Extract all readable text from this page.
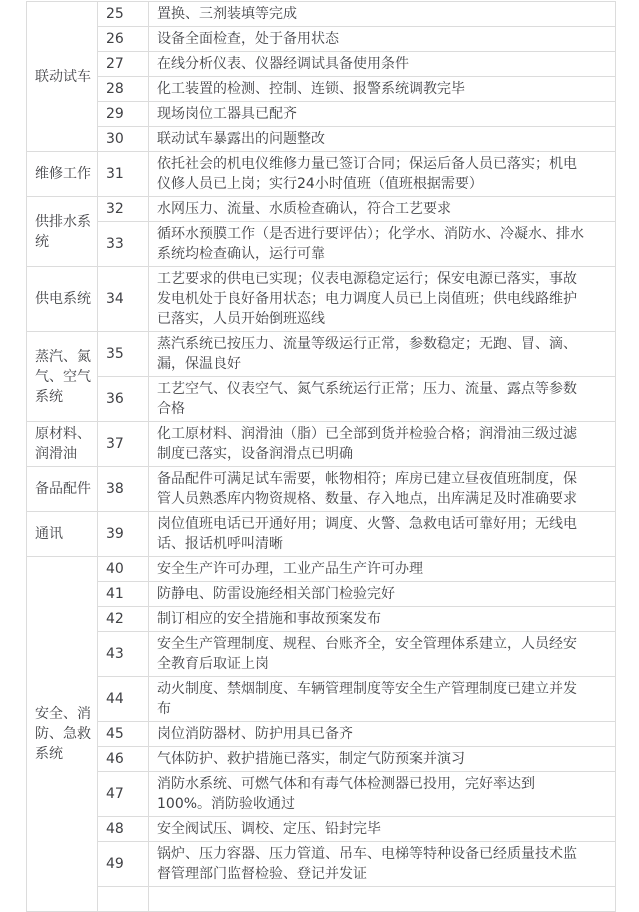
联动试车	25	置换、三剂装填等完成
	26	设备全面检查，处于备用状态
	27	在线分析仪表、仪器经调试具备使用条件
	28	化工装置的检测、控制、连锁、报警系统调教完毕
	29	现场岗位工器具已配齐
	30	联动试车暴露出的问题整改
维修工作	31	依托社会的机电仪维修力量已签订合同；保运后备人员已落实；机电仪修人员已上岗；实行24小时值班（值班根据需要）
供排水系统	32	水网压力、流量、水质检查确认，符合工艺要求
	33	循环水预膜工作（是否进行要评估）；化学水、消防水、冷凝水、排水系统均检查确认，运行可靠
供电系统	34	工艺要求的供电已实现；仪表电源稳定运行；保安电源已落实，事故发电机处于良好备用状态；电力调度人员已上岗值班；供电线路维护已落实，人员开始倒班巡线
蒸汽、氮气、空气系统	35	蒸汽系统已按压力、流量等级运行正常，参数稳定；无跑、冒、滴、漏，保温良好
	36	工艺空气、仪表空气、氮气系统运行正常；压力、流量、露点等参数合格
原材料、润滑油	37	化工原材料、润滑油（脂）已全部到货并检验合格；润滑油三级过滤制度已落实，设备润滑点已明确
备品配件	38	备品配件可满足试车需要，帐物相符；库房已建立昼夜值班制度，保管人员熟悉库内物资规格、数量、存入地点，出库满足及时准确要求
通讯	39	岗位值班电话已开通好用；调度、火警、急救电话可靠好用；无线电话、报话机呼叫清晰
安全、消防、急救系统	40	安全生产许可办理，工业产品生产许可办理
	41	防静电、防雷设施经相关部门检验完好
	42	制订相应的安全措施和事故预案发布
	43	安全生产管理制度、规程、台账齐全，安全管理体系建立，人员经安全教育后取证上岗
	44	动火制度、禁烟制度、车辆管理制度等安全生产管理制度已建立并发布
	45	岗位消防器材、防护用具已备齐
	46	气体防护、救护措施已落实，制定气防预案并演习
	47	消防水系统、可燃气体和有毒气体检测器已投用，完好率达到100%。消防验收通过
	48	安全阀试压、调校、定压、铅封完毕
	49	锅炉、压力容器、压力管道、吊车、电梯等特种设备已经质量技术监督管理部门监督检验、登记并发证
